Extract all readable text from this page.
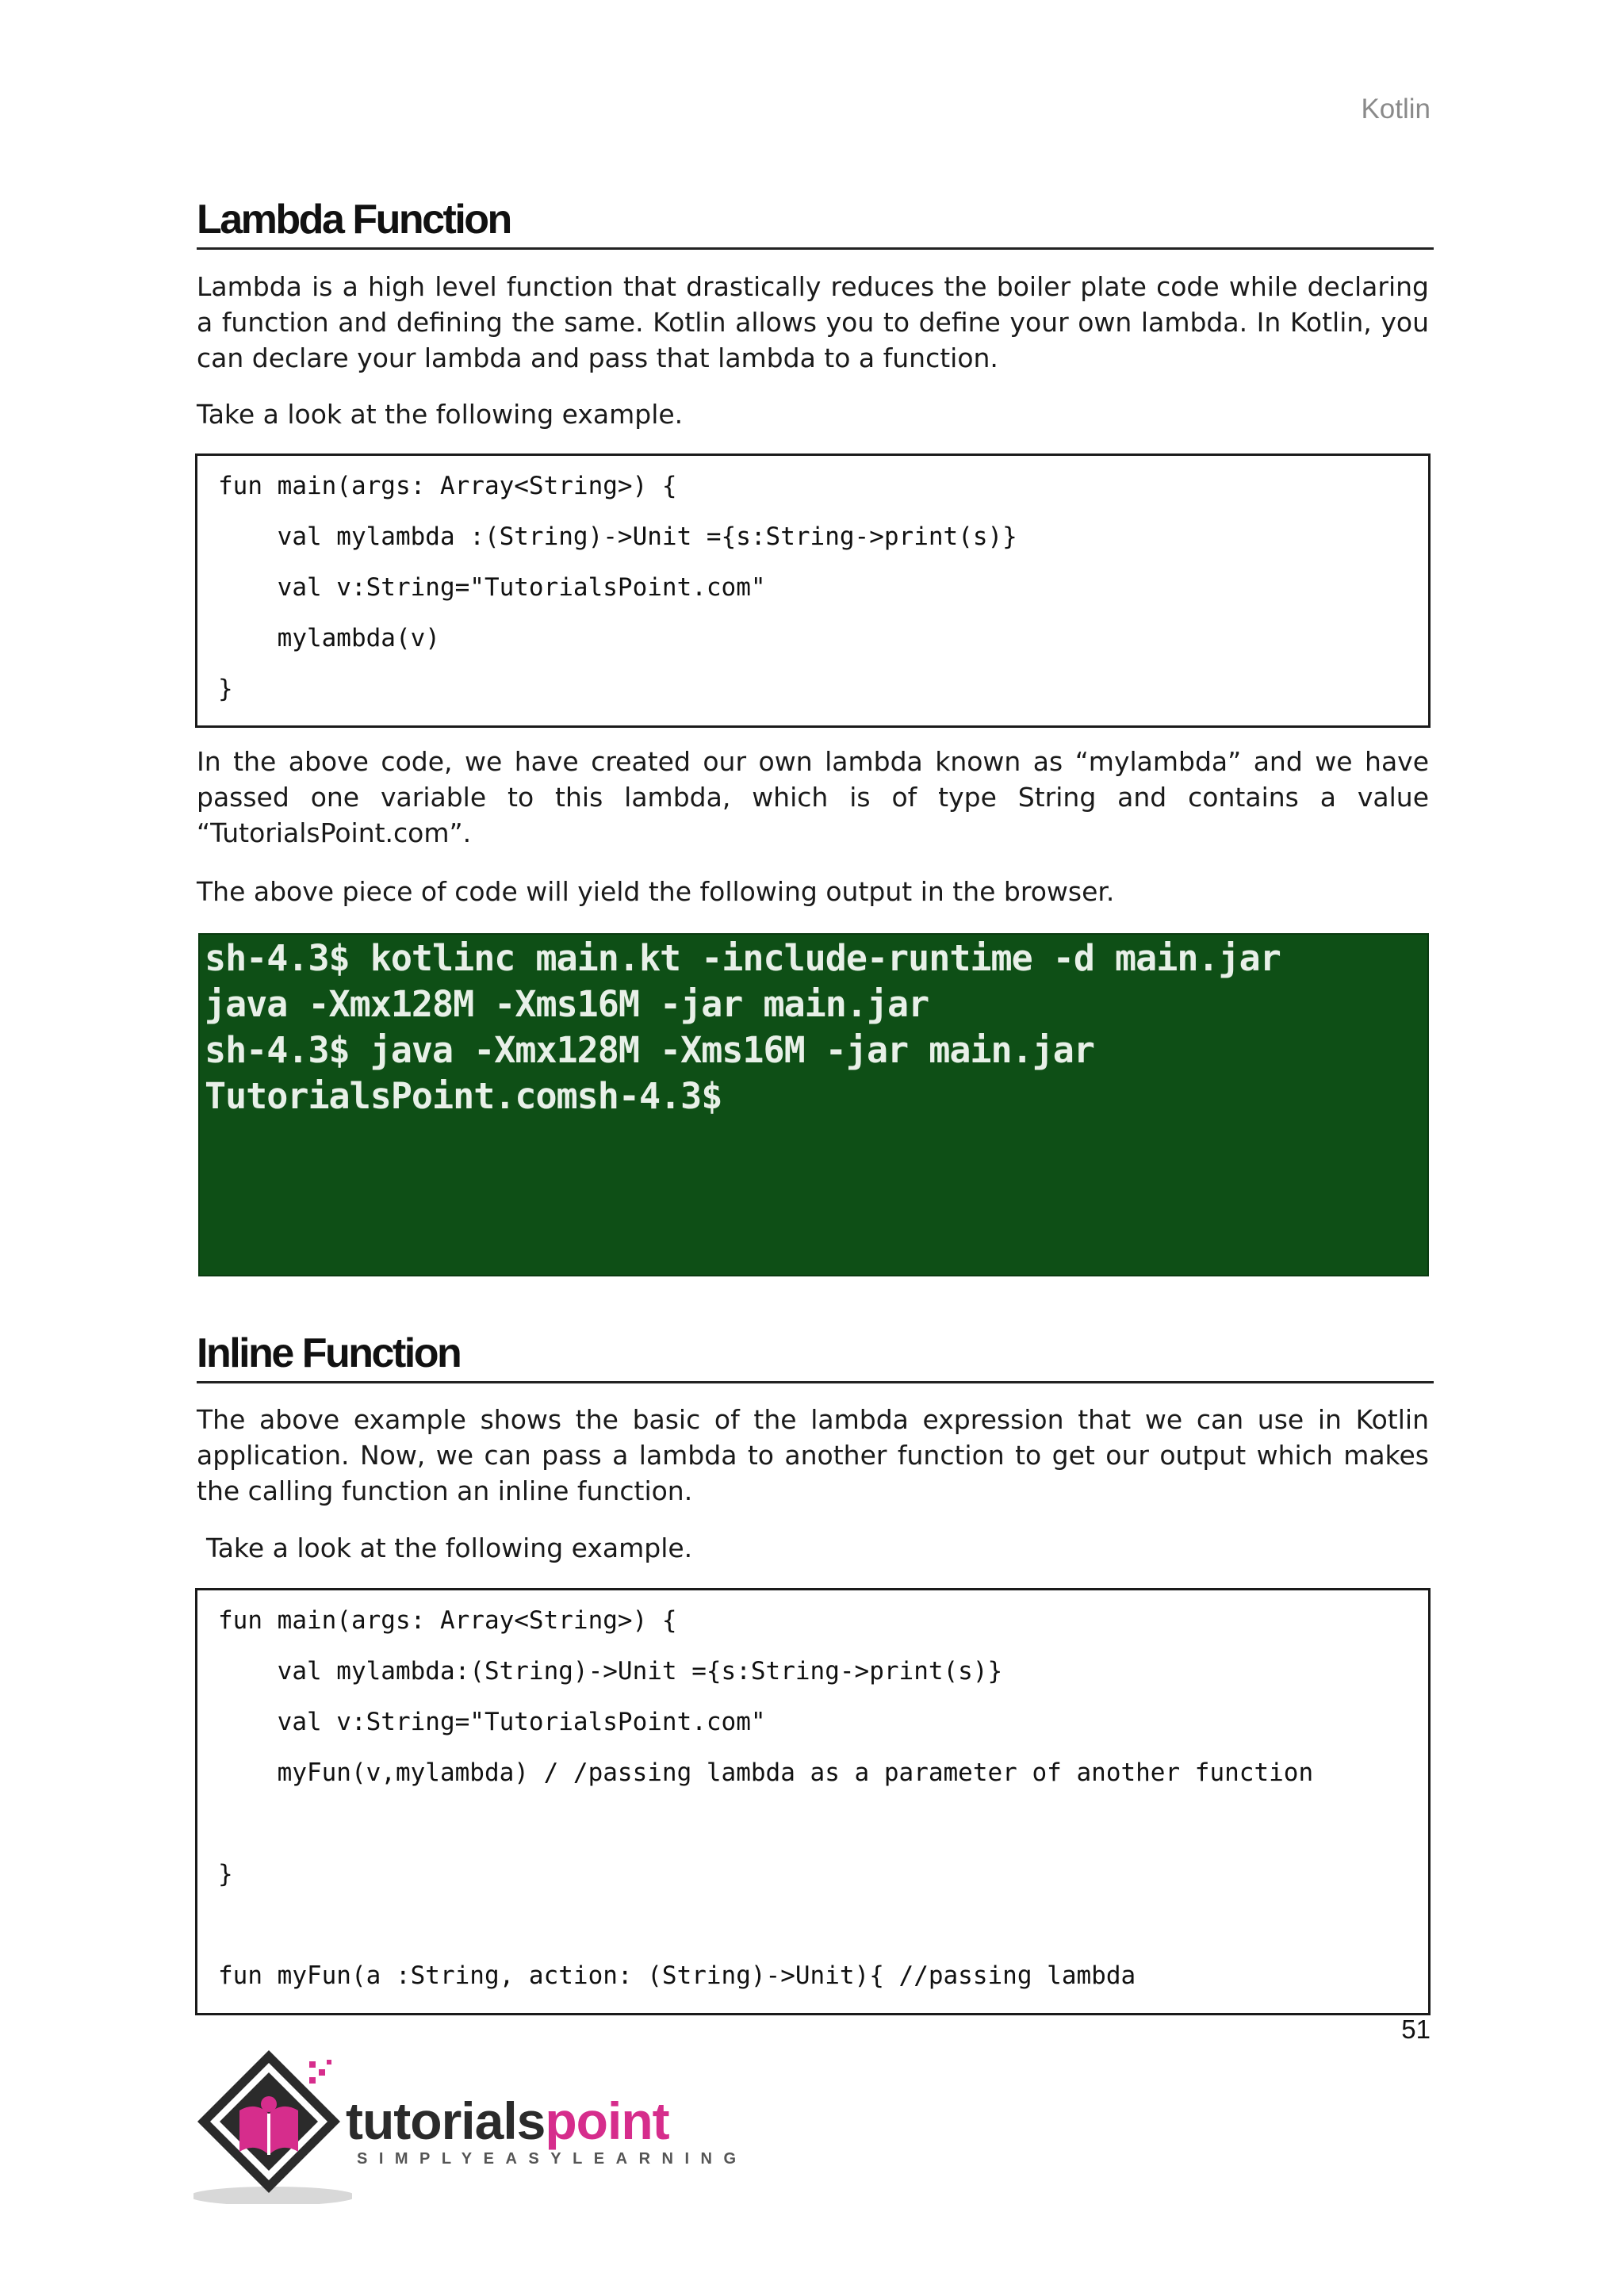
Kotlin
Lambda Function

Lambda is a high level function that drastically reduces the boiler plate code while declaring a function and defining the same. Kotlin allows you to define your own lambda. In Kotlin, you can declare your lambda and pass that lambda to a function.

Take a look at the following example.

fun main(args: Array<String>) {
val mylambda :(String)->Unit ={s:String->print(s)}
val v:String="TutorialsPoint.com"
mylambda(v)
}

In the above code, we have created our own lambda known as “mylambda” and we have passed one variable to this lambda, which is of type String and contains a value “TutorialsPoint.com”.

The above piece of code will yield the following output in the browser.

sh-4.3$ kotlinc main.kt -include-runtime -d main.jar
java -Xmx128M -Xms16M -jar main.jar
sh-4.3$ java -Xmx128M -Xms16M -jar main.jar
TutorialsPoint.comsh-4.3$
Inline Function

The above example shows the basic of the lambda expression that we can use in Kotlin application. Now, we can pass a lambda to another function to get our output which makes the calling function an inline function.

Take a look at the following example.

fun main(args: Array<String>) {
val mylambda:(String)->Unit ={s:String->print(s)}
val v:String="TutorialsPoint.com"
myFun(v,mylambda) / /passing lambda as a parameter of another function
}
fun myFun(a :String, action: (String)->Unit){ //passing lambda
51
tutorialspoint
SIMPLYEASYLEARNING
